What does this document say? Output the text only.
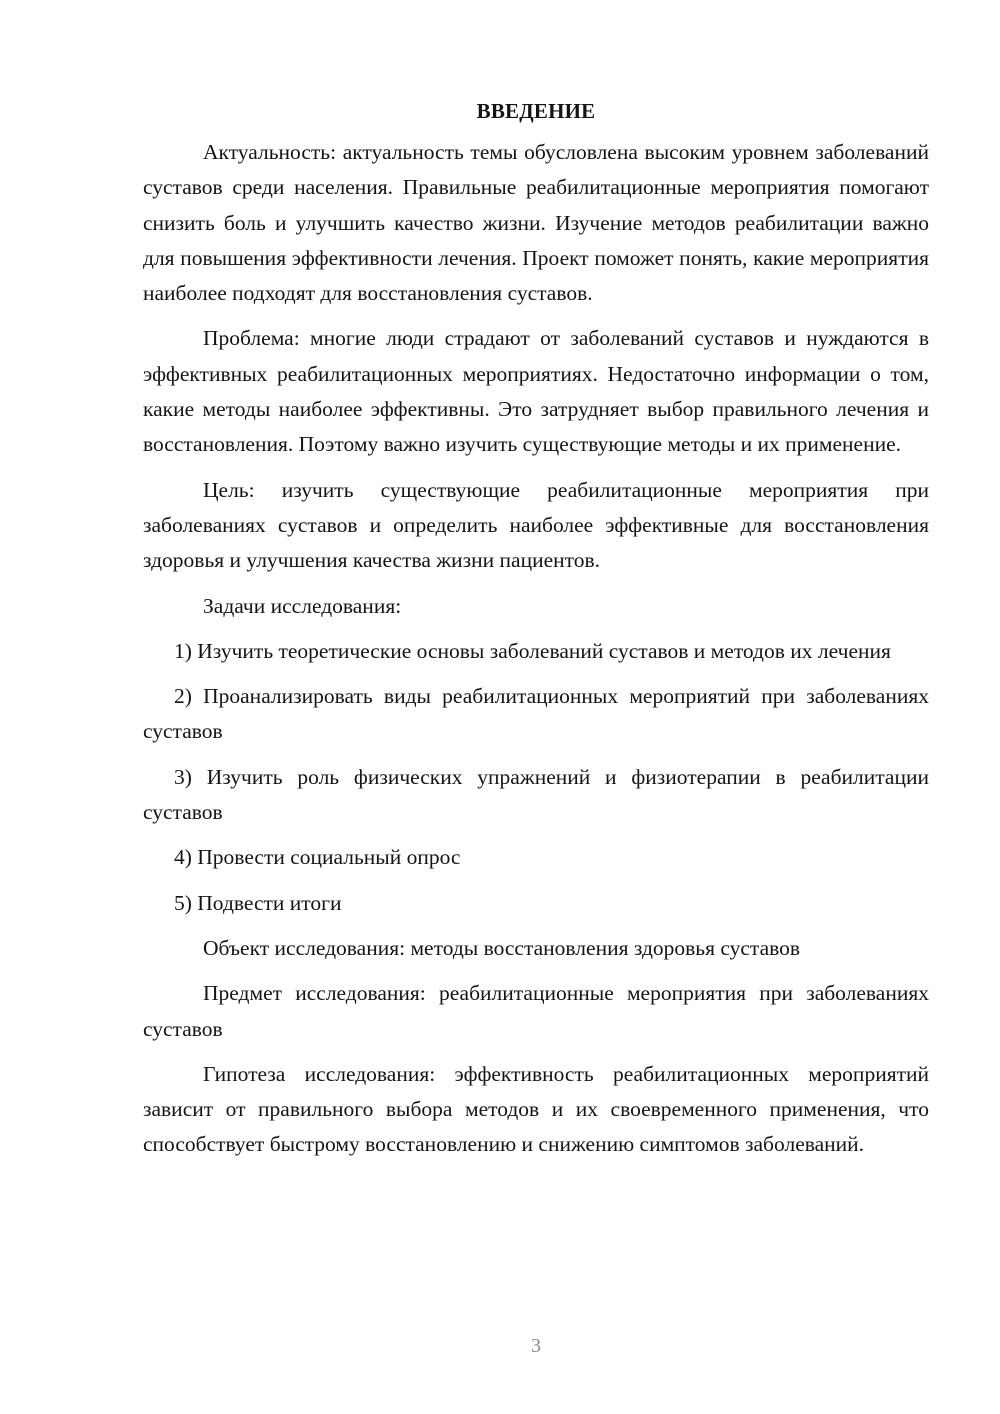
ВВЕДЕНИЕ

Актуальность: актуальность темы обусловлена высоким уровнем заболеваний суставов среди населения. Правильные реабилитационные мероприятия помогают снизить боль и улучшить качество жизни. Изучение методов реабилитации важно для повышения эффективности лечения. Проект поможет понять, какие мероприятия наиболее подходят для восстановления суставов.

Проблема: многие люди страдают от заболеваний суставов и нуждаются в эффективных реабилитационных мероприятиях. Недостаточно информации о том, какие методы наиболее эффективны. Это затрудняет выбор правильного лечения и восстановления. Поэтому важно изучить существующие методы и их применение.

Цель: изучить существующие реабилитационные мероприятия при заболеваниях суставов и определить наиболее эффективные для восстановления здоровья и улучшения качества жизни пациентов.

Задачи исследования:

1) Изучить теоретические основы заболеваний суставов и методов их лечения

2) Проанализировать виды реабилитационных мероприятий при заболеваниях суставов

3) Изучить роль физических упражнений и физиотерапии в реабилитации суставов

4) Провести социальный опрос

5) Подвести итоги

Объект исследования: методы восстановления здоровья суставов

Предмет исследования: реабилитационные мероприятия при заболеваниях суставов

Гипотеза исследования: эффективность реабилитационных мероприятий зависит от правильного выбора методов и их своевременного применения, что способствует быстрому восстановлению и снижению симптомов заболеваний.

3
